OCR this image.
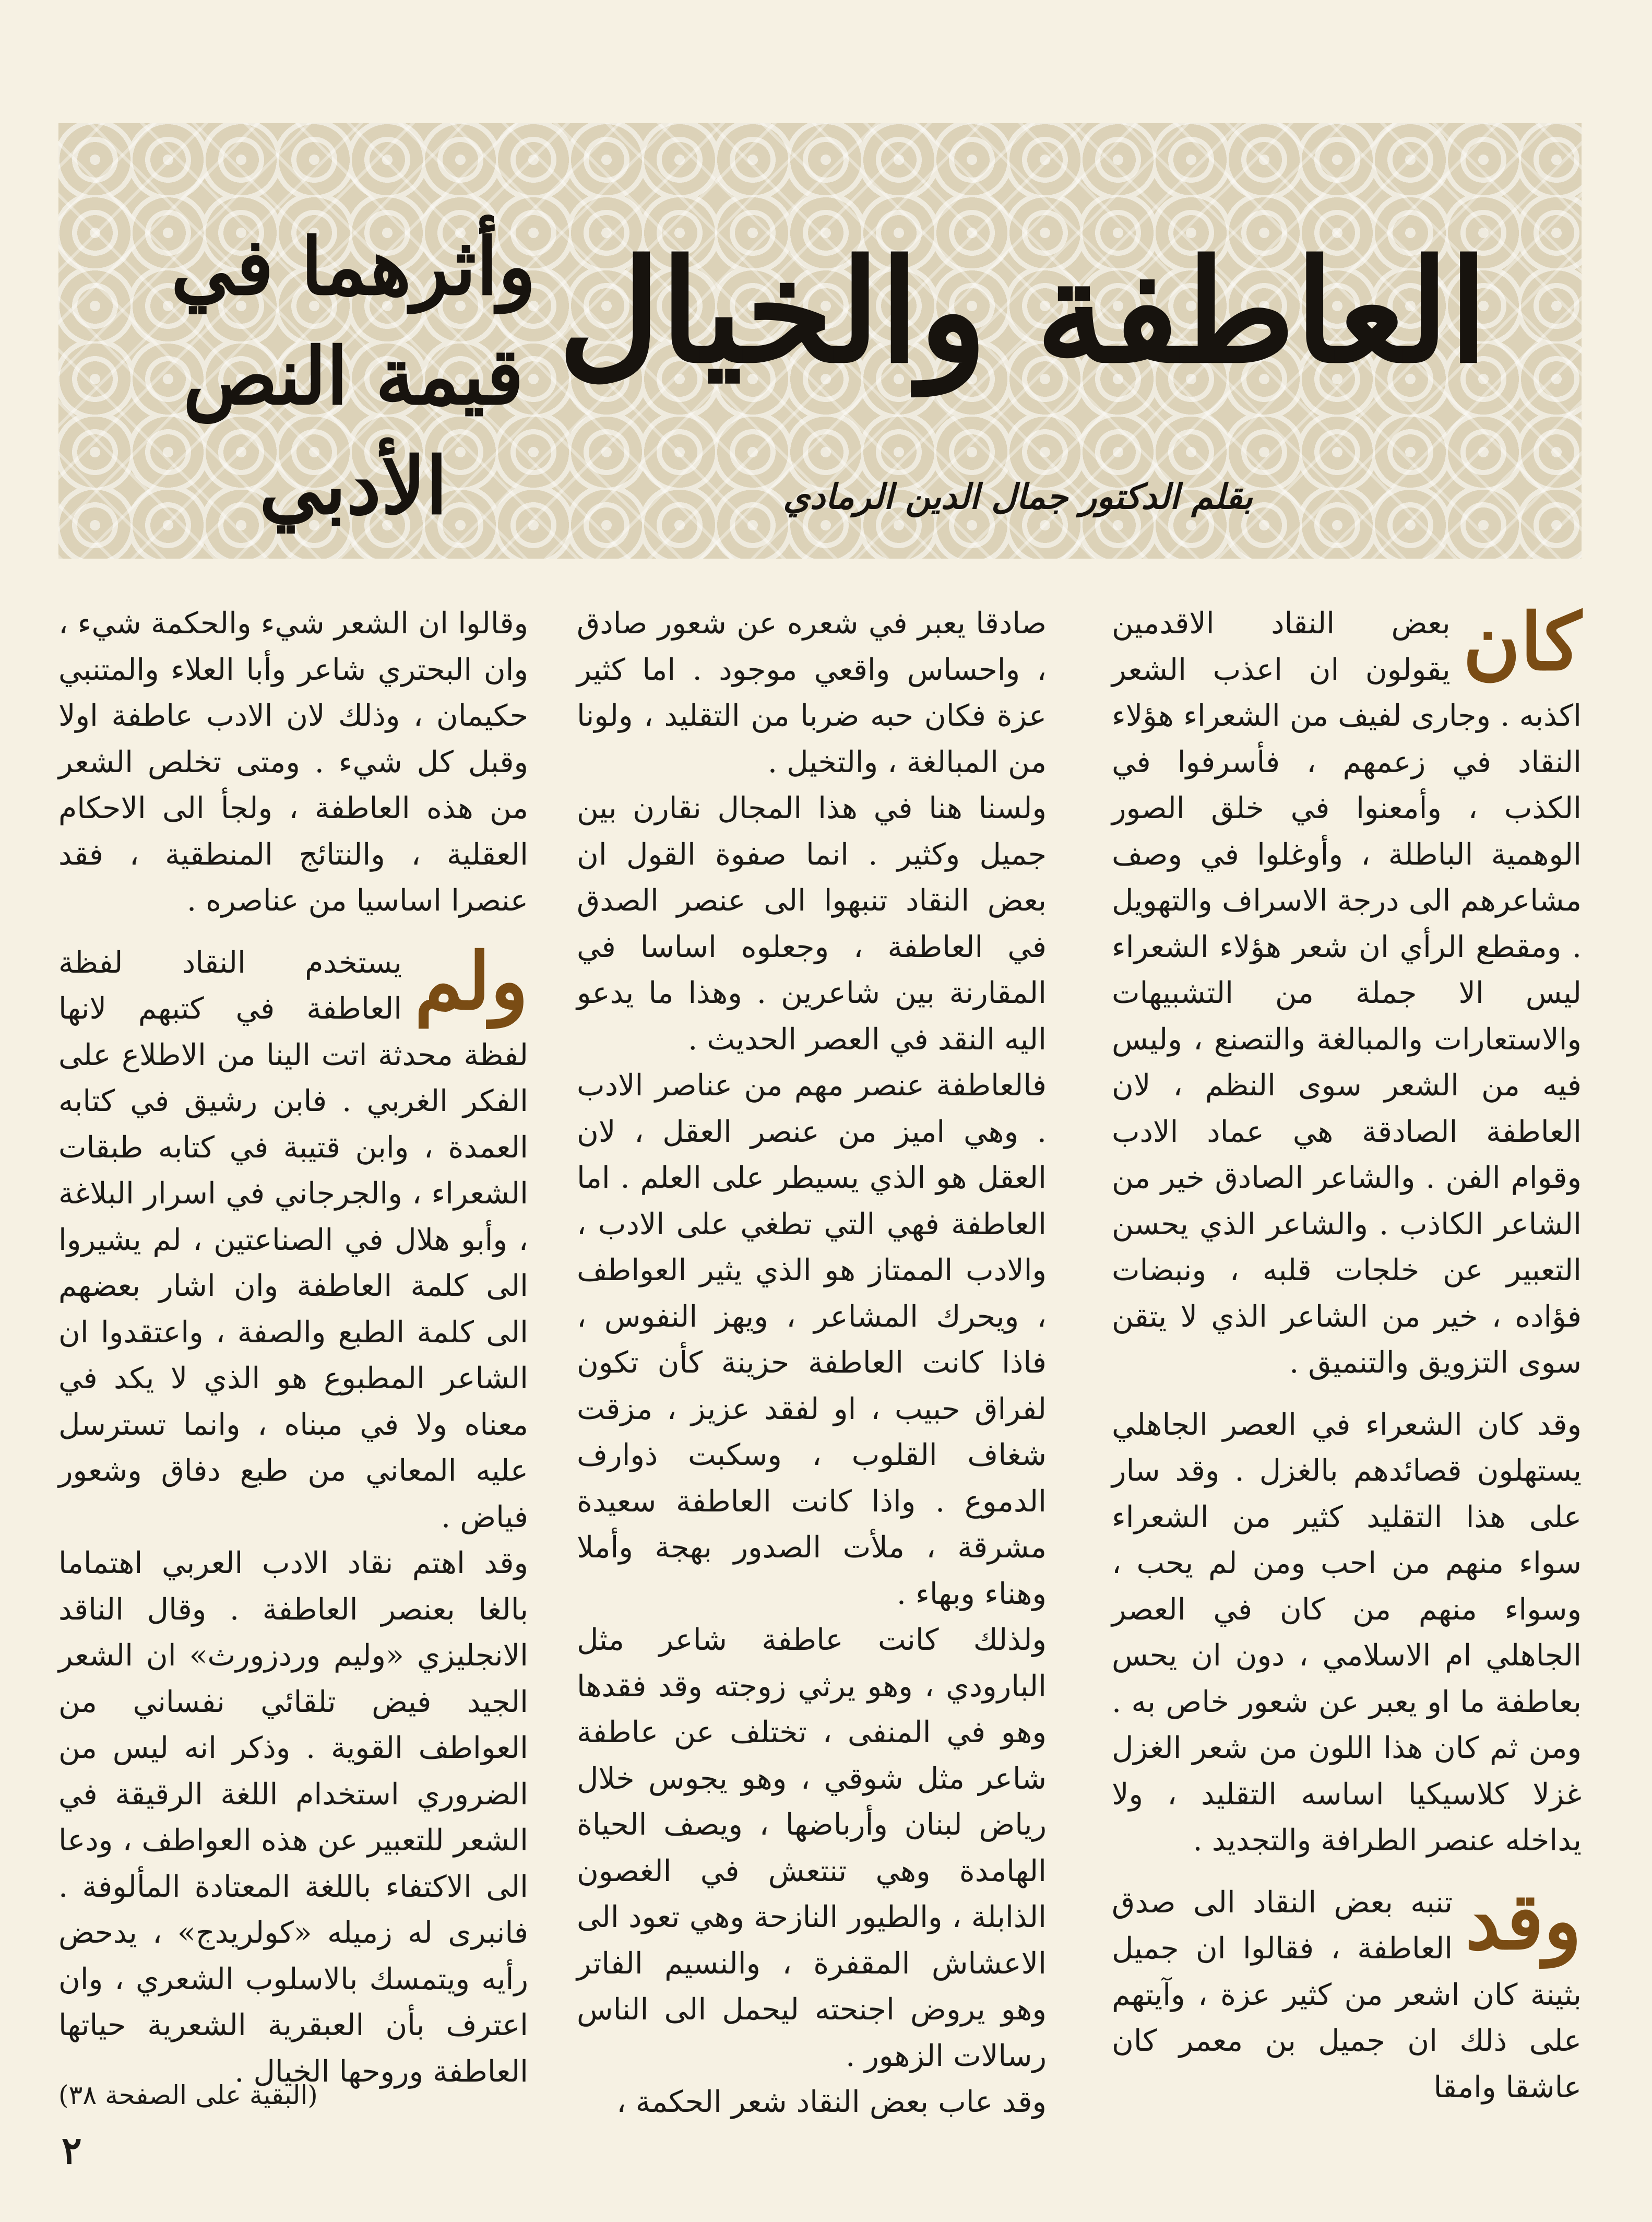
العاطفة والخيال
وأثرهما في قيمة النص الأدبي	بقلم الدكتور جمال الدين الرمادي

كان
بعض النقاد الاقدمين يقولون ان اعذب الشعر اكذبه . وجارى لفيف من الشعراء هؤلاء النقاد في زعمهم ، فأسرفوا في الكذب ، وأمعنوا في خلق الصور الوهمية الباطلة ، وأوغلوا في وصف مشاعرهم الى درجة الاسراف والتهويل . ومقطع الرأي ان شعر هؤلاء الشعراء ليس الا جملة من التشبيهات والاستعارات والمبالغة والتصنع ، وليس فيه من الشعر سوى النظم ، لان العاطفة الصادقة هي عماد الادب وقوام الفن . والشاعر الصادق خير من الشاعر الكاذب . والشاعر الذي يحسن التعبير عن خلجات قلبه ، ونبضات فؤاده ، خير من الشاعر الذي لا يتقن سوى التزويق والتنميق .

وقد كان الشعراء في العصر الجاهلي يستهلون قصائدهم بالغزل . وقد سار على هذا التقليد كثير من الشعراء سواء منهم من احب ومن لم يحب ، وسواء منهم من كان في العصر الجاهلي ام الاسلامي ، دون ان يحس بعاطفة ما او يعبر عن شعور خاص به . ومن ثم كان هذا اللون من شعر الغزل غزلا كلاسيكيا اساسه التقليد ، ولا يداخله عنصر الطرافة والتجديد .

وقد
تنبه بعض النقاد الى صدق العاطفة ، فقالوا ان جميل بثينة كان اشعر من كثير عزة ، وآيتهم على ذلك ان جميل بن معمر كان عاشقا وامقا

صادقا يعبر في شعره عن شعور صادق ، واحساس واقعي موجود . اما كثير عزة فكان حبه ضربا من التقليد ، ولونا من المبالغة ، والتخيل .

ولسنا هنا في هذا المجال نقارن بين جميل وكثير . انما صفوة القول ان بعض النقاد تنبهوا الى عنصر الصدق في العاطفة ، وجعلوه اساسا في المقارنة بين شاعرين . وهذا ما يدعو اليه النقد في العصر الحديث .

فالعاطفة عنصر مهم من عناصر الادب . وهي اميز من عنصر العقل ، لان العقل هو الذي يسيطر على العلم . اما العاطفة فهي التي تطغي على الادب ، والادب الممتاز هو الذي يثير العواطف ، ويحرك المشاعر ، ويهز النفوس ، فاذا كانت العاطفة حزينة كأن تكون لفراق حبيب ، او لفقد عزيز ، مزقت شغاف القلوب ، وسكبت ذوارف الدموع . واذا كانت العاطفة سعيدة مشرقة ، ملأت الصدور بهجة وأملا وهناء وبهاء .

ولذلك كانت عاطفة شاعر مثل البارودي ، وهو يرثي زوجته وقد فقدها وهو في المنفى ، تختلف عن عاطفة شاعر مثل شوقي ، وهو يجوس خلال رياض لبنان وأرباضها ، ويصف الحياة الهامدة وهي تنتعش في الغصون الذابلة ، والطيور النازحة وهي تعود الى الاعشاش المقفرة ، والنسيم الفاتر وهو يروض اجنحته ليحمل الى الناس رسالات الزهور .

وقد عاب بعض النقاد شعر الحكمة ،

وقالوا ان الشعر شيء والحكمة شيء ، وان البحتري شاعر وأبا العلاء والمتنبي حكيمان ، وذلك لان الادب عاطفة اولا وقبل كل شيء . ومتى تخلص الشعر من هذه العاطفة ، ولجأ الى الاحكام العقلية ، والنتائج المنطقية ، فقد عنصرا اساسيا من عناصره .

ولم
يستخدم النقاد لفظة العاطفة في كتبهم لانها لفظة محدثة اتت الينا من الاطلاع على الفكر الغربي . فابن رشيق في كتابه العمدة ، وابن قتيبة في كتابه طبقات الشعراء ، والجرجاني في اسرار البلاغة ، وأبو هلال في الصناعتين ، لم يشيروا الى كلمة العاطفة وان اشار بعضهم الى كلمة الطبع والصفة ، واعتقدوا ان الشاعر المطبوع هو الذي لا يكد في معناه ولا في مبناه ، وانما تسترسل عليه المعاني من طبع دفاق وشعور فياض .

وقد اهتم نقاد الادب العربي اهتماما بالغا بعنصر العاطفة . وقال الناقد الانجليزي «وليم وردزورث» ان الشعر الجيد فيض تلقائي نفساني من العواطف القوية . وذكر انه ليس من الضروري استخدام اللغة الرقيقة في الشعر للتعبير عن هذه العواطف ، ودعا الى الاكتفاء باللغة المعتادة المألوفة . فانبرى له زميله «كولريدج» ، يدحض رأيه ويتمسك بالاسلوب الشعري ، وان اعترف بأن العبقرية الشعرية حياتها العاطفة وروحها الخيال .

(البقية على الصفحة ٣٨)
٢
